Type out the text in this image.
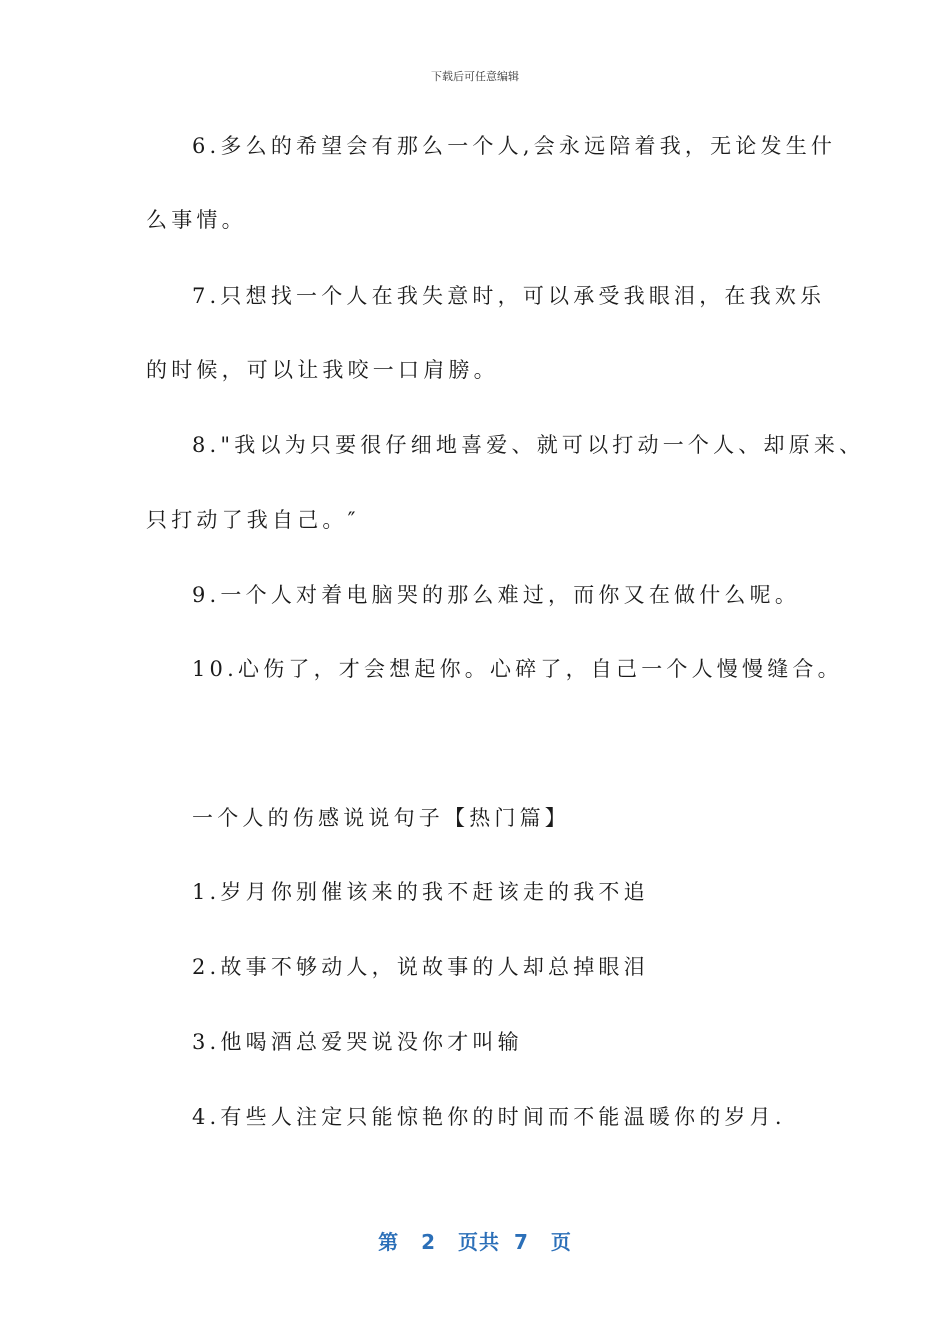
下载后可任意编辑
6.多么的希望会有那么一个人,会永远陪着我，无论发生什
么事情。
7.只想找一个人在我失意时，可以承受我眼泪，在我欢乐
的时候，可以让我咬一口肩膀。
8."我以为只要很仔细地喜爱、就可以打动一个人、却原来、
只打动了我自己。″
9.一个人对着电脑哭的那么难过，而你又在做什么呢。
10.心伤了，才会想起你。心碎了，自己一个人慢慢缝合。
一个人的伤感说说句子【热门篇】
1.岁月你别催该来的我不赶该走的我不追
2.故事不够动人，说故事的人却总掉眼泪
3.他喝酒总爱哭说没你才叫输
4.有些人注定只能惊艳你的时间而不能温暖你的岁月.
第 2 页共 7 页
